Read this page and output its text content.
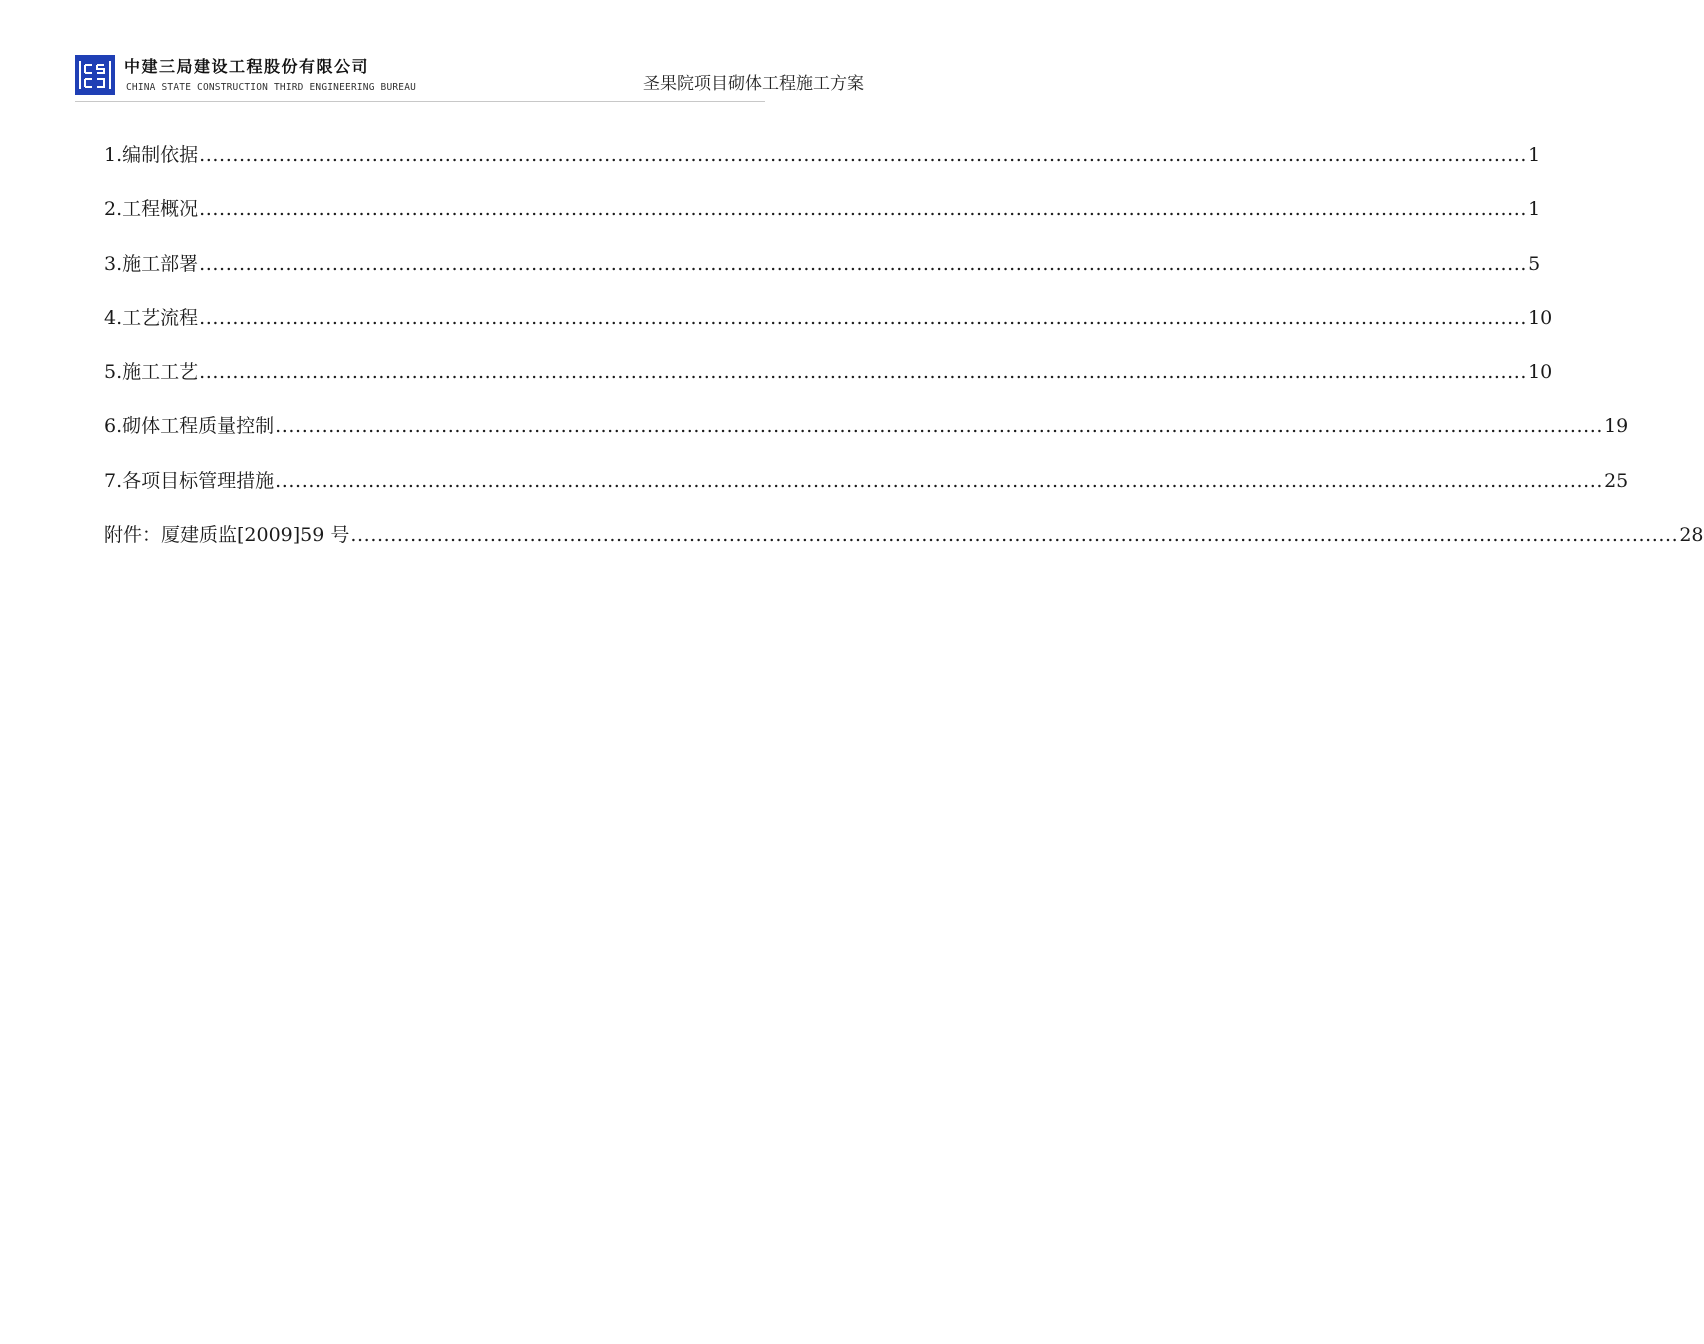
中建三局建设工程股份有限公司
CHINA STATE CONSTRUCTION THIRD ENGINEERING BUREAU	圣果院项目砌体工程施工方案
1.编制依据 ........................................................................................................................................................................................................ 1
2.工程概况 ........................................................................................................................................................................................................ 1
3.施工部署 ........................................................................................................................................................................................................ 5
4.工艺流程 ........................................................................................................................................................................................................ 10
5.施工工艺 ........................................................................................................................................................................................................ 10
6.砌体工程质量控制 ........................................................................................................................................................................................................ 19
7.各项目标管理措施 ........................................................................................................................................................................................................ 25
附件：厦建质监[2009]59 号 ........................................................................................................................................................................................................ 28
